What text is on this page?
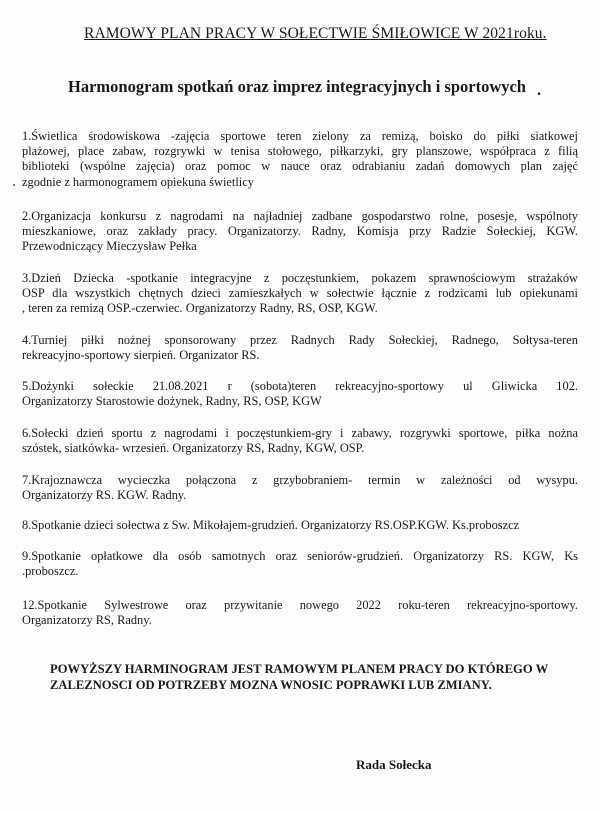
RAMOWY PLAN PRACY W SOŁECTWIE ŚMIŁOWICE W 2021roku.
Harmonogram spotkań oraz imprez integracyjnych i sportowych .
1.Świetlica środowiskowa -zajęcia sportowe teren zielony za remizą, boisko do piłki siatkowej
plażowej, place zabaw, rozgrywki w tenisa stołowego, piłkarzyki, gry planszowe, współpraca z filią
biblioteki (wspólne zajęcia) oraz pomoc w nauce oraz odrabianiu zadań domowych plan zajęć
zgodnie z harmonogramem opiekuna świetlicy
2.Organizacja konkursu z nagrodami na najładniej zadbane gospodarstwo rolne, posesje, wspólnoty
mieszkaniowe, oraz zakłady pracy. Organizatorzy. Radny, Komisja przy Radzie Sołeckiej, KGW.
Przewodniczący Mieczysław Pełka
3.Dzień Dziecka -spotkanie integracyjne z poczęstunkiem, pokazem sprawnościowym strażaków
OSP dla wszystkich chętnych dzieci zamieszkałych w sołectwie łącznie z rodzicami lub opiekunami
, teren za remizą OSP.-czerwiec. Organizatorzy Radny, RS, OSP, KGW.
4.Turniej piłki nożnej sponsorowany przez Radnych Rady Sołeckiej, Radnego, Sołtysa-teren
rekreacyjno-sportowy sierpień. Organizator RS.
5.Dożynki sołeckie 21.08.2021 r (sobota)teren rekreacyjno-sportowy ul Gliwicka 102.
Organizatorzy Starostowie dożynek, Radny, RS, OSP, KGW
6.Sołecki dzień sportu z nagrodami i poczęstunkiem-gry i zabawy, rozgrywki sportowe, piłka nożna
szóstek, siatkówka- wrzesień. Organizatorzy RS, Radny, KGW, OSP.
7.Krajoznawcza wycieczka połączona z grzybobraniem- termin w zależności od wysypu.
Organizatorzy RS. KGW. Radny.
8.Spotkanie dzieci sołectwa z Sw. Mikołajem-grudzień. Organizatorzy RS.OSP.KGW. Ks.proboszcz
9.Spotkanie opłatkowe dla osób samotnych oraz seniorów-grudzień. Organizatorzy RS. KGW, Ks
.proboszcz.
12.Spotkanie Sylwestrowe oraz przywitanie nowego 2022 roku-teren rekreacyjno-sportowy.
Organizatorzy RS, Radny.
POWYŻSZY HARMINOGRAM JEST RAMOWYM PLANEM PRACY DO KTÓREGO W
ZALEZNOSCI OD POTRZEBY MOZNA WNOSIC POPRAWKI LUB ZMIANY.
Rada Sołecka
